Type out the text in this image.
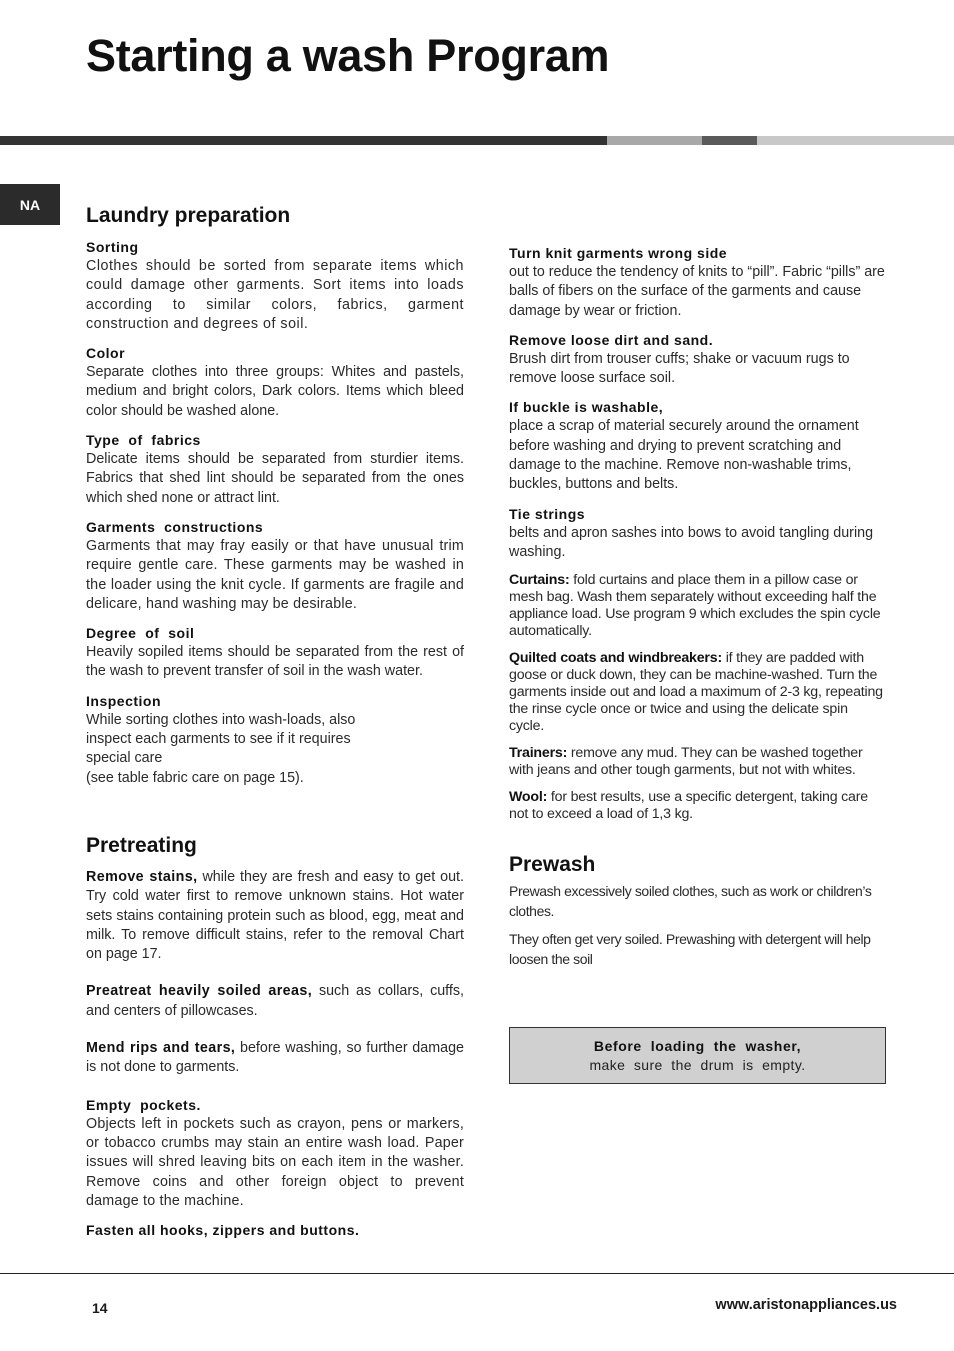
Starting a wash Program
NA	Laundry preparation
Sorting
Clothes should be sorted from separate items which could damage other garments. Sort items into loads according to similar colors, fabrics, garment construction and degrees of soil.
Color
Separate clothes into three groups: Whites and pastels, medium and bright colors, Dark colors. Items which bleed color should be washed alone.
Type  of  fabrics
Delicate items should be separated from sturdier items. Fabrics that shed lint should be separated from the ones which shed none or attract lint.
Garments  constructions
Garments that may fray easily or that have unusual trim require gentle care. These garments may be washed in the loader using the knit cycle. If garments are fragile and delicare, hand washing may be desirable.
Degree  of  soil
Heavily sopiled items should be separated from the rest of the wash to prevent transfer of soil in the wash water.
Inspection
While sorting clothes into wash-loads, also inspect each garments to see if it requires special care
(see table fabric care on page 15).
Pretreating
Remove stains, while they are fresh and easy to get out. Try cold water first to remove unknown stains. Hot water sets stains containing protein such as blood, egg, meat and milk. To remove difficult stains, refer to the removal Chart on page 17.
Preatreat heavily soiled areas, such as collars, cuffs, and centers of pillowcases.
Mend rips and tears, before washing, so further damage is not done to garments.
Empty  pockets.
Objects left in pockets such as crayon, pens or markers, or tobacco crumbs may stain an entire wash load. Paper issues will shred leaving bits on each item in the washer. Remove coins and other foreign object to prevent damage to the machine.
Fasten all hooks, zippers and buttons.
Turn knit garments wrong side
out to reduce the tendency of knits to “pill”. Fabric “pills” are balls of fibers on the surface of the garments and cause damage by wear or friction.
Remove loose dirt and sand.
Brush dirt from trouser cuffs; shake or vacuum rugs to remove loose surface soil.
If buckle is washable,
place a scrap of material securely around the ornament before washing and drying to prevent scratching and damage to the machine. Remove non-washable trims, buckles, buttons and belts.
Tie strings
belts and apron sashes into bows to avoid tangling during washing.
Curtains: fold curtains and place them in a pillow case or mesh bag. Wash them separately without exceeding half the appliance load. Use program 9 which excludes the spin cycle automatically.
Quilted coats and windbreakers: if they are padded with goose or duck down, they can be machine-washed. Turn the garments inside out and load a maximum of 2-3 kg, repeating the rinse cycle once or twice and using the delicate spin cycle.
Trainers: remove any mud. They can be washed together with jeans and other tough garments, but not with whites.
Wool: for best results, use a specific detergent, taking care not to exceed a load of 1,3 kg.
Prewash
Prewash excessively soiled clothes, such as work or children’s clothes.
They often get very soiled. Prewashing with detergent will help loosen the soil
Before  loading  the  washer,
make  sure  the  drum  is  empty.
14	www.aristonappliances.us
